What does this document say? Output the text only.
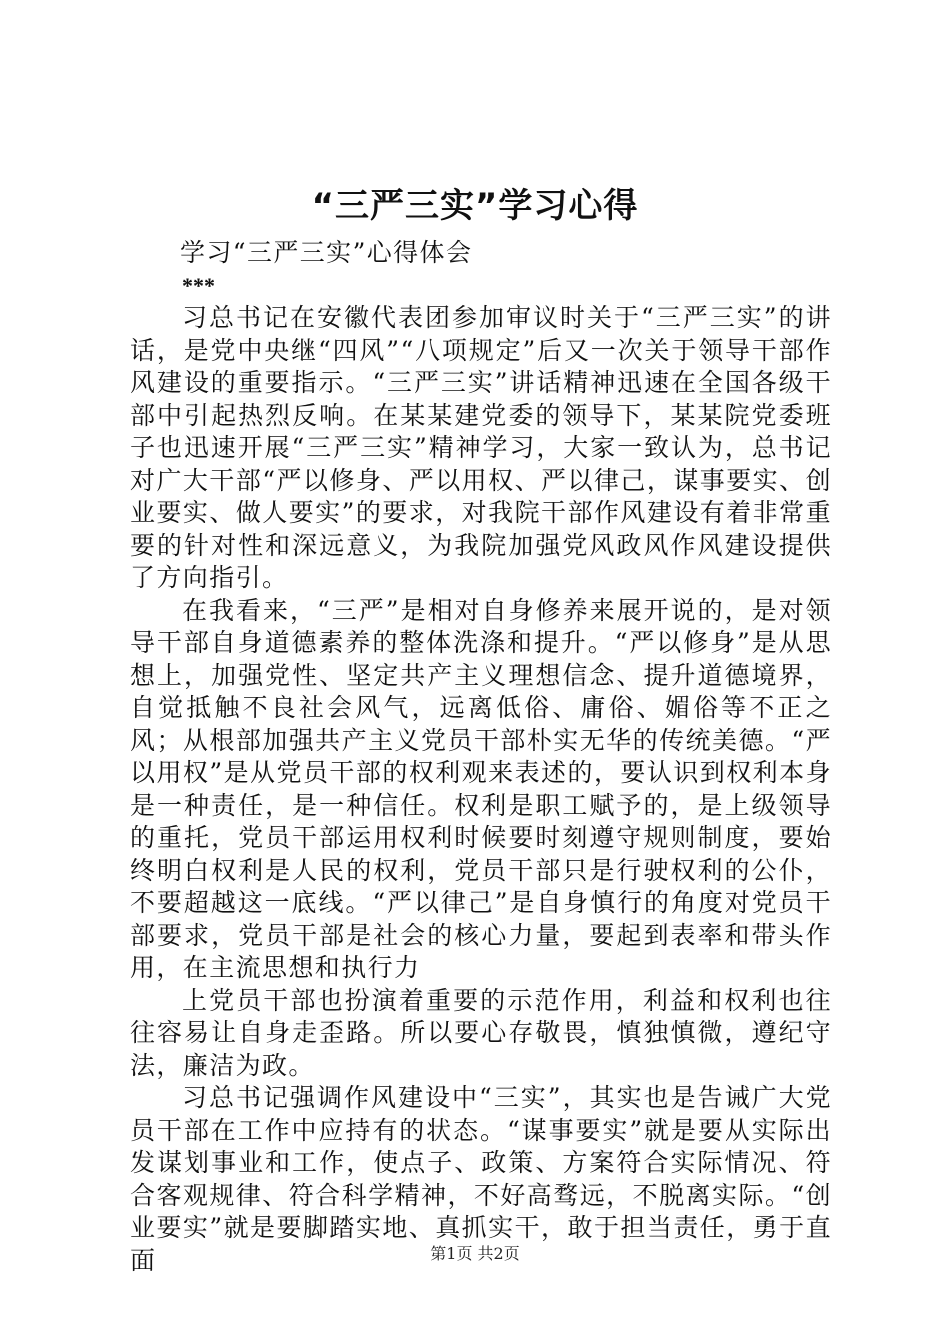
“三严三实”学习心得

学习“三严三实”心得体会

***

习总书记在安徽代表团参加审议时关于“三严三实”的讲话，是党中央继“四风”“八项规定”后又一次关于领导干部作风建设的重要指示。“三严三实”讲话精神迅速在全国各级干部中引起热烈反响。在某某建党委的领导下，某某院党委班子也迅速开展“三严三实”精神学习，大家一致认为，总书记对广大干部“严以修身、严以用权、严以律己，谋事要实、创业要实、做人要实”的要求，对我院干部作风建设有着非常重要的针对性和深远意义，为我院加强党风政风作风建设提供了方向指引。

在我看来，“三严”是相对自身修养来展开说的，是对领导干部自身道德素养的整体洗涤和提升。“严以修身”是从思想上，加强党性、坚定共产主义理想信念、提升道德境界，自觉抵触不良社会风气，远离低俗、庸俗、媚俗等不正之风；从根部加强共产主义党员干部朴实无华的传统美德。“严以用权”是从党员干部的权利观来表述的，要认识到权利本身是一种责任，是一种信任。权利是职工赋予的，是上级领导的重托，党员干部运用权利时候要时刻遵守规则制度，要始终明白权利是人民的权利，党员干部只是行驶权利的公仆，不要超越这一底线。“严以律己”是自身慎行的角度对党员干部要求，党员干部是社会的核心力量，要起到表率和带头作用，在主流思想和执行力

上党员干部也扮演着重要的示范作用，利益和权利也往往容易让自身走歪路。所以要心存敬畏，慎独慎微，遵纪守法，廉洁为政。

习总书记强调作风建设中“三实”，其实也是告诫广大党员干部在工作中应持有的状态。“谋事要实”就是要从实际出发谋划事业和工作，使点子、政策、方案符合实际情况、符合客观规律、符合科学精神，不好高骛远，不脱离实际。“创业要实”就是要脚踏实地、真抓实干，敢于担当责任，勇于直面	第1页 共2页
